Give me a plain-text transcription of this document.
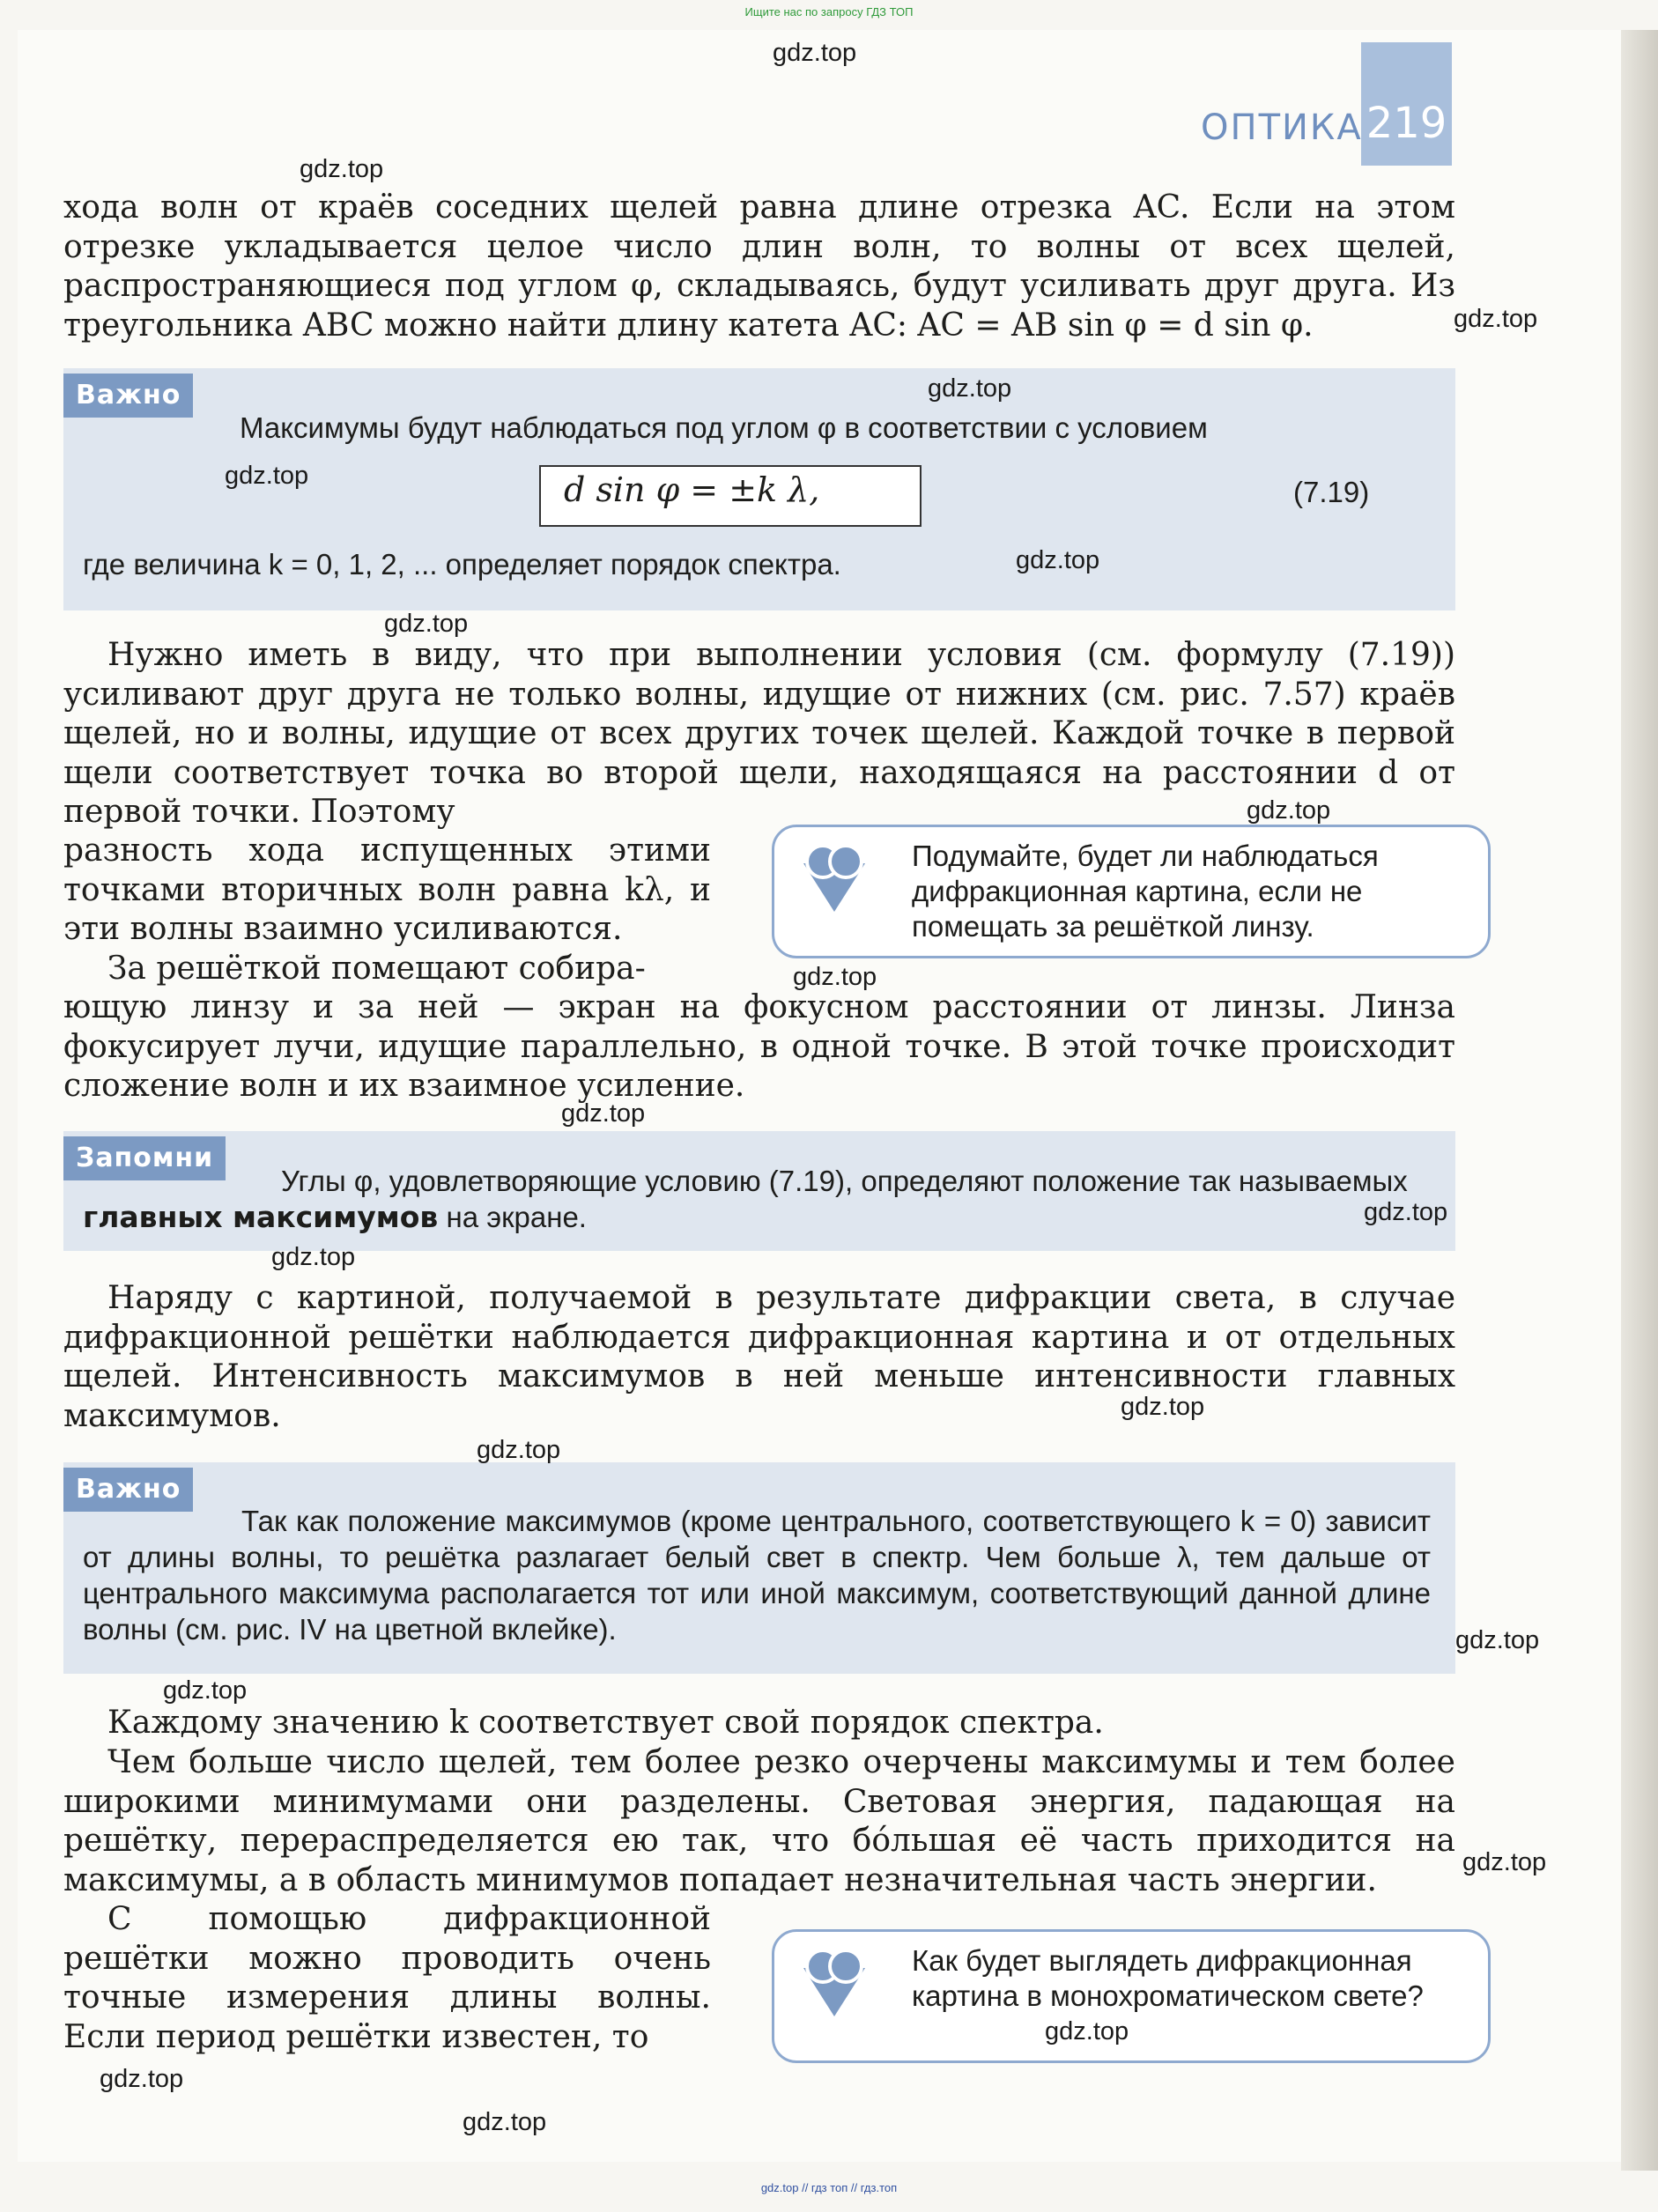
Ищите нас по запросу ГДЗ ТОП
ОПТИКА 219
хода волн от краёв соседних щелей равна длине отрезка AC. Если на этом отрезке укладывается целое число длин волн, то волны от всех щелей, распространяющиеся под углом φ, складываясь, будут усиливать друг друга. Из треугольника ABC можно найти длину катета AC: AC = AB sin φ = d sin φ.
Важно
Максимумы будут наблюдаться под углом φ в соответствии с условием
d sin φ = ±k λ,	(7.19)
где величина k = 0, 1, 2, ... определяет порядок спектра.
Нужно иметь в виду, что при выполнении условия (см. формулу (7.19)) усиливают друг друга не только волны, идущие от нижних (см. рис. 7.57) краёв щелей, но и волны, идущие от всех других точек щелей. Каждой точке в первой щели соответствует точка во второй щели, находящаяся на расстоянии d от первой точки. Поэтому
разность хода испущенных этими точками вторичных волн равна kλ, и эти волны взаимно усиливаются.
Подумайте, будет ли наблюдаться дифракционная картина, если не помещать за решёткой линзу.
За решёткой помещают собира-
ющую линзу и за ней — экран на фокусном расстоянии от линзы. Линза фокусирует лучи, идущие параллельно, в одной точке. В этой точке происходит сложение волн и их взаимное усиление.
Запомни
Углы φ, удовлетворяющие условию (7.19), определяют положение так называемых главных максимумов на экране.
Наряду с картиной, получаемой в результате дифракции света, в случае дифракционной решётки наблюдается дифракционная картина и от отдельных щелей. Интенсивность максимумов в ней меньше интенсивности главных максимумов.
Важно
Так как положение максимумов (кроме центрального, соответствующего k = 0) зависит от длины волны, то решётка разлагает белый свет в спектр. Чем больше λ, тем дальше от центрального максимума располагается тот или иной максимум, соответствующий данной длине волны (см. рис. IV на цветной вклейке).
Каждому значению k соответствует свой порядок спектра.
Чем больше число щелей, тем более резко очерчены максимумы и тем более широкими минимумами они разделены. Световая энергия, падающая на решётку, перераспределяется ею так, что бóльшая её часть приходится на максимумы, а в область минимумов попадает незначительная часть энергии.
С помощью дифракционной решётки можно проводить очень точные измерения длины волны. Если период решётки известен, то
Как будет выглядеть дифракционная картина в монохроматическом свете?
gdz.top
gdz.top
gdz.top
gdz.top
gdz.top
gdz.top
gdz.top
gdz.top
gdz.top
gdz.top
gdz.top
gdz.top
gdz.top
gdz.top
gdz.top
gdz.top
gdz.top
gdz.top
gdz.top
gdz.top
gdz.top // гдз топ // гдз.топ
